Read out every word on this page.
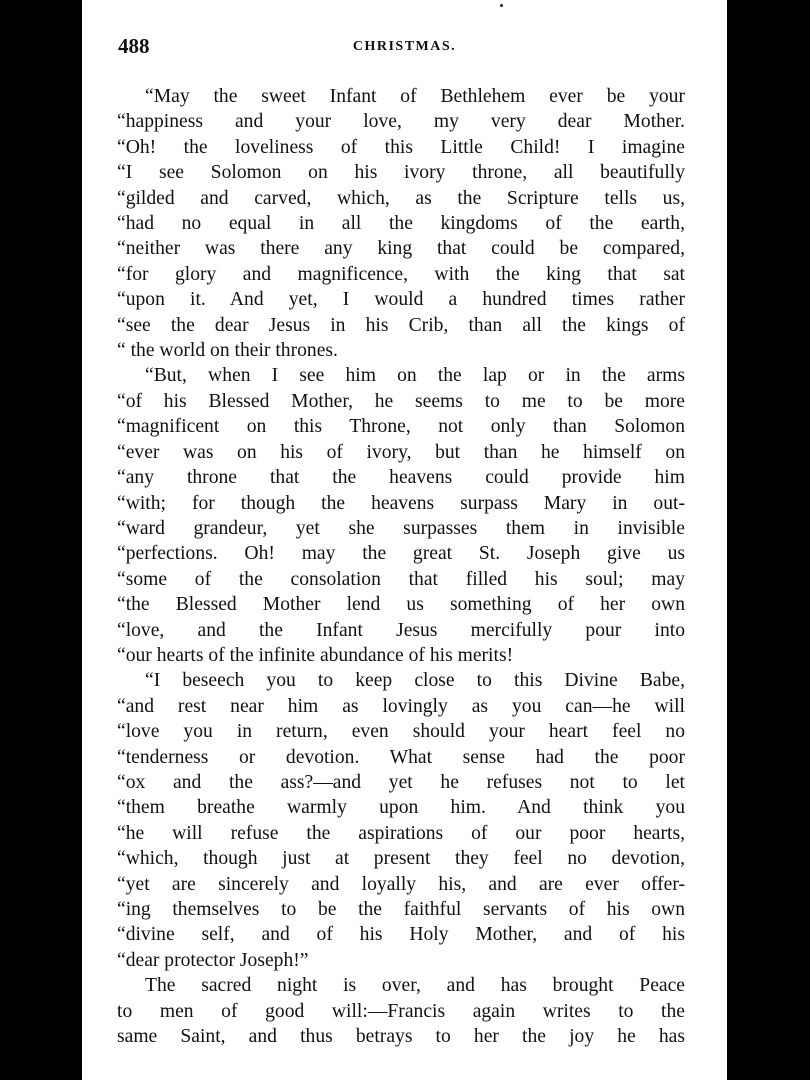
488	CHRISTMAS.
“May the sweet Infant of Bethlehem ever be your
“happiness and your love, my very dear Mother.
“Oh! the loveliness of this Little Child! I imagine
“I see Solomon on his ivory throne, all beautifully
“gilded and carved, which, as the Scripture tells us,
“had no equal in all the kingdoms of the earth,
“neither was there any king that could be compared,
“for glory and magnificence, with the king that sat
“upon it. And yet, I would a hundred times rather
“see the dear Jesus in his Crib, than all the kings of
“ the world on their thrones.
“But, when I see him on the lap or in the arms
“of his Blessed Mother, he seems to me to be more
“magnificent on this Throne, not only than Solomon
“ever was on his of ivory, but than he himself on
“any throne that the heavens could provide him
“with; for though the heavens surpass Mary in out-
“ward grandeur, yet she surpasses them in invisible
“perfections. Oh! may the great St. Joseph give us
“some of the consolation that filled his soul; may
“the Blessed Mother lend us something of her own
“love, and the Infant Jesus mercifully pour into
“our hearts of the infinite abundance of his merits!
“I beseech you to keep close to this Divine Babe,
“and rest near him as lovingly as you can—he will
“love you in return, even should your heart feel no
“tenderness or devotion. What sense had the poor
“ox and the ass?—and yet he refuses not to let
“them breathe warmly upon him. And think you
“he will refuse the aspirations of our poor hearts,
“which, though just at present they feel no devotion,
“yet are sincerely and loyally his, and are ever offer-
“ing themselves to be the faithful servants of his own
“divine self, and of his Holy Mother, and of his
“dear protector Joseph!”
The sacred night is over, and has brought Peace
to men of good will:—Francis again writes to the
same Saint, and thus betrays to her the joy he has
